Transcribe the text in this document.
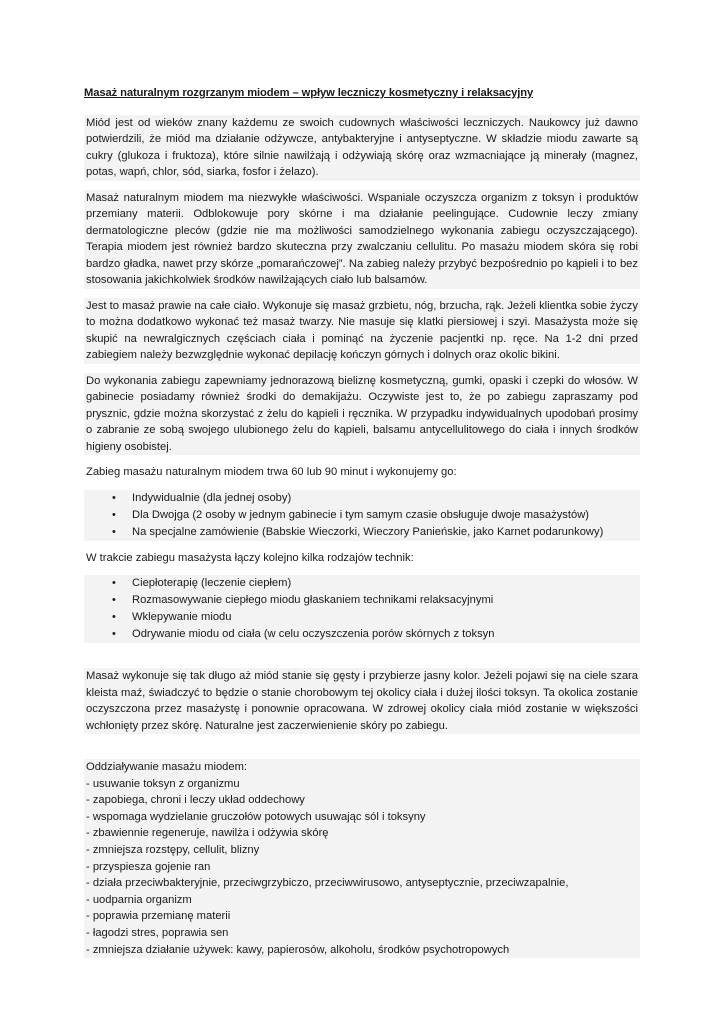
Masaż naturalnym rozgrzanym miodem – wpływ leczniczy kosmetyczny i relaksacyjny

Miód jest od wieków znany każdemu ze swoich cudownych właściwości leczniczych. Naukowcy już dawno potwierdzili, że miód ma działanie odżywcze, antybakteryjne i antyseptyczne. W składzie miodu zawarte są cukry (glukoza i fruktoza), które silnie nawilżają i odżywiają skórę oraz wzmacniające ją minerały (magnez, potas, wapń, chlor, sód, siarka, fosfor i żelazo).

Masaż naturalnym miodem ma niezwykłe właściwości. Wspaniale oczyszcza organizm z toksyn i produktów przemiany materii. Odblokowuje pory skórne i ma działanie peelingujące. Cudownie leczy zmiany dermatologiczne pleców (gdzie nie ma możliwości samodzielnego wykonania zabiegu oczyszczającego). Terapia miodem jest również bardzo skuteczna przy zwalczaniu cellulitu. Po masażu miodem skóra się robi bardzo gładka, nawet przy skórze „pomarańczowej”. Na zabieg należy przybyć bezpośrednio po kąpieli i to bez stosowania jakichkolwiek środków nawilżających ciało lub balsamów.

Jest to masaż prawie na całe ciało. Wykonuje się masaż grzbietu, nóg, brzucha, rąk. Jeżeli klientka sobie życzy to można dodatkowo wykonać też masaż twarzy. Nie masuje się klatki piersiowej i szyi. Masażysta może się skupić na newralgicznych częściach ciała i pominąć na życzenie pacjentki np. ręce. Na 1-2 dni przed zabiegiem należy bezwzględnie wykonać depilację kończyn górnych i dolnych oraz okolic bikini.

Do wykonania zabiegu zapewniamy jednorazową bieliznę kosmetyczną, gumki, opaski i czepki do włosów. W gabinecie posiadamy również środki do demakijażu. Oczywiste jest to, że po zabiegu zapraszamy pod prysznic, gdzie można skorzystać z żelu do kąpieli i ręcznika. W przypadku indywidualnych upodobań prosimy o zabranie ze sobą swojego ulubionego żelu do kąpieli, balsamu antycellulitowego do ciała i innych środków higieny osobistej.

Zabieg masażu naturalnym miodem trwa 60 lub 90 minut i wykonujemy go:

• Indywidualnie (dla jednej osoby)
• Dla Dwojga (2 osoby w jednym gabinecie i tym samym czasie obsługuje dwoje masażystów)
• Na specjalne zamówienie (Babskie Wieczorki, Wieczory Panieńskie, jako Karnet podarunkowy)

W trakcie zabiegu masażysta łączy kolejno kilka rodzajów technik:

• Ciepłoterapię (leczenie ciepłem)
• Rozmasowywanie ciepłego miodu głaskaniem technikami relaksacyjnymi
• Wklepywanie miodu
• Odrywanie miodu od ciała (w celu oczyszczenia porów skórnych z toksyn

Masaż wykonuje się tak długo aż miód stanie się gęsty i przybierze jasny kolor. Jeżeli pojawi się na ciele szara kleista maź, świadczyć to będzie o stanie chorobowym tej okolicy ciała i dużej ilości toksyn. Ta okolica zostanie oczyszczona przez masażystę i ponownie opracowana. W zdrowej okolicy ciała miód zostanie w większości wchłonięty przez skórę. Naturalne jest zaczerwienienie skóry po zabiegu.

Oddziaływanie masażu miodem:
- usuwanie toksyn z organizmu
- zapobiega, chroni i leczy układ oddechowy
- wspomaga wydzielanie gruczołów potowych usuwając sól i toksyny
- zbawiennie regeneruje, nawilża i odżywia skórę
- zmniejsza rozstępy, cellulit, blizny
- przyspiesza gojenie ran
- działa przeciwbakteryjnie, przeciwgrzybiczo, przeciwwirusowo, antyseptycznie, przeciwzapalnie,
- uodparnia organizm
- poprawia przemianę materii
- łagodzi stres, poprawia sen
- zmniejsza działanie używek: kawy, papierosów, alkoholu, środków psychotropowych
